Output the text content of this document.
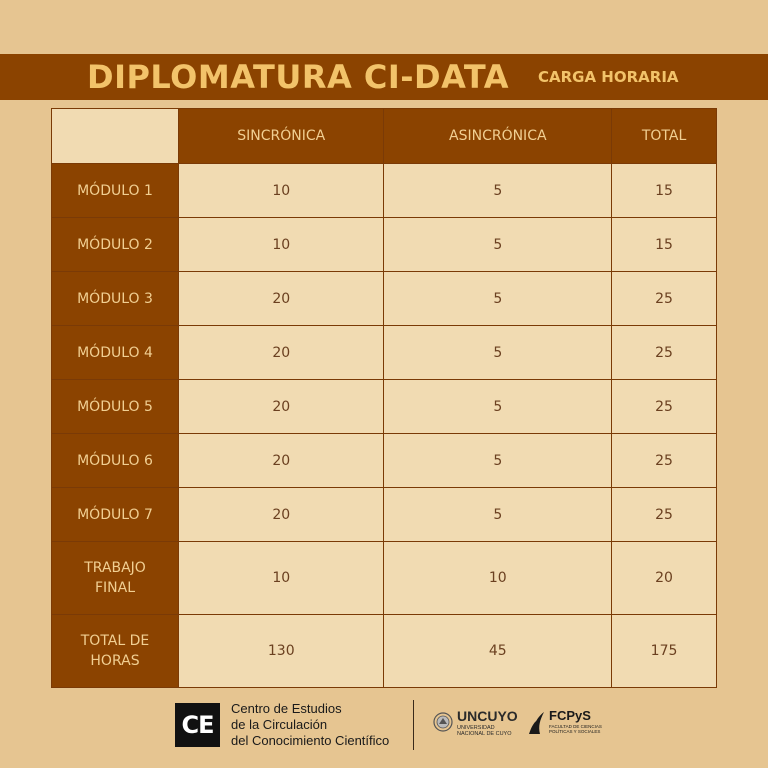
DIPLOMATURA CI-DATA CARGA HORARIA
	SINCRÓNICA	ASINCRÓNICA	TOTAL
MÓDULO 1	10	5	15
MÓDULO 2	10	5	15
MÓDULO 3	20	5	25
MÓDULO 4	20	5	25
MÓDULO 5	20	5	25
MÓDULO 6	20	5	25
MÓDULO 7	20	5	25

TRABAJO
FINAL	10	10	20

TOTAL DE
HORAS	130	45	175
CE
Centro de Estudios
de la Circulación
del Conocimiento Científico
UNCUYO
UNIVERSIDAD
NACIONAL DE CUYO
FCPyS
FACULTAD DE CIENCIAS
POLÍTICAS Y SOCIALES
